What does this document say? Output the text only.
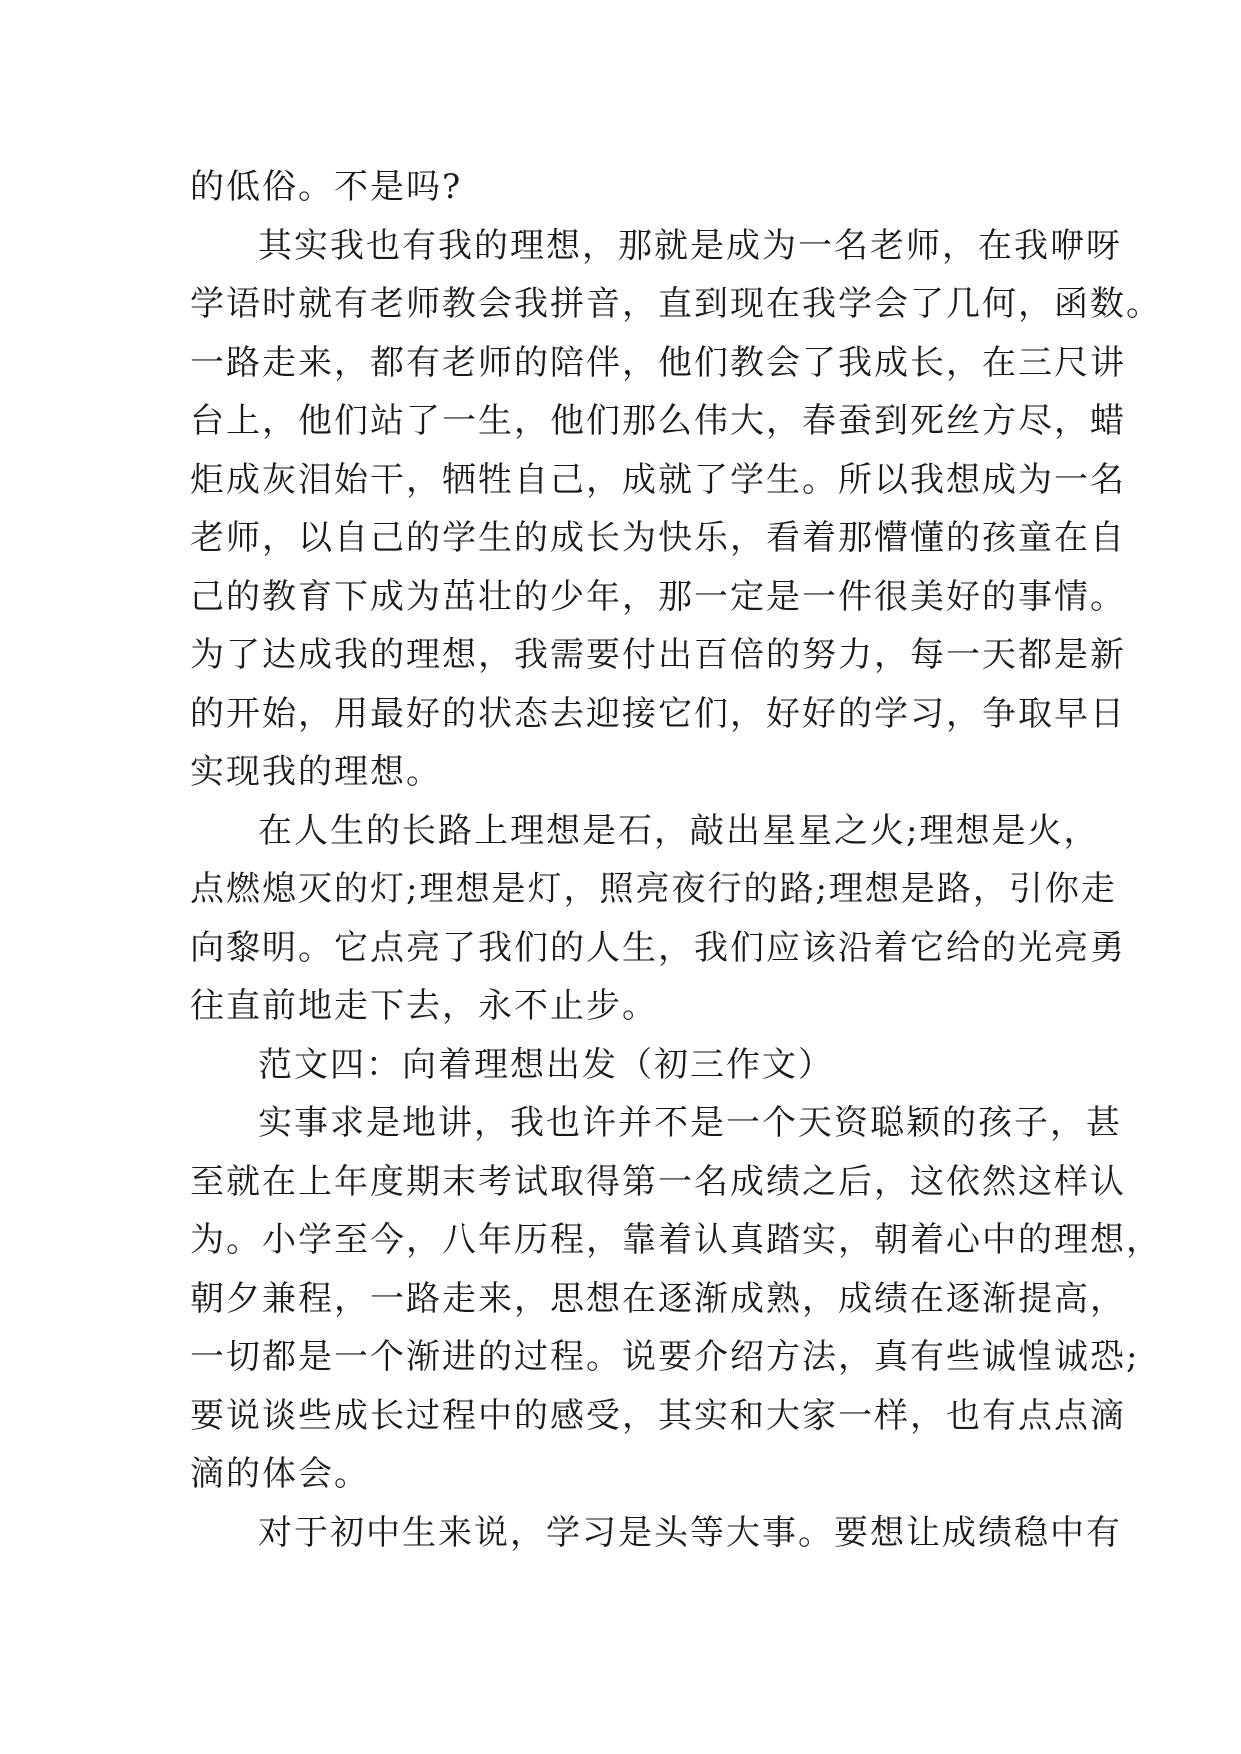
的低俗。不是吗?
其实我也有我的理想，那就是成为一名老师，在我咿呀
学语时就有老师教会我拼音，直到现在我学会了几何，函数。
一路走来，都有老师的陪伴，他们教会了我成长，在三尺讲
台上，他们站了一生，他们那么伟大，春蚕到死丝方尽，蜡
炬成灰泪始干，牺牲自己，成就了学生。所以我想成为一名
老师，以自己的学生的成长为快乐，看着那懵懂的孩童在自
己的教育下成为茁壮的少年，那一定是一件很美好的事情。
为了达成我的理想，我需要付出百倍的努力，每一天都是新
的开始，用最好的状态去迎接它们，好好的学习，争取早日
实现我的理想。
在人生的长路上理想是石，敲出星星之火;理想是火，
点燃熄灭的灯;理想是灯，照亮夜行的路;理想是路，引你走
向黎明。它点亮了我们的人生，我们应该沿着它给的光亮勇
往直前地走下去，永不止步。
范文四：向着理想出发（初三作文）
实事求是地讲，我也许并不是一个天资聪颖的孩子，甚
至就在上年度期末考试取得第一名成绩之后，这依然这样认
为。小学至今，八年历程，靠着认真踏实，朝着心中的理想，
朝夕兼程，一路走来，思想在逐渐成熟，成绩在逐渐提高，
一切都是一个渐进的过程。说要介绍方法，真有些诚惶诚恐;
要说谈些成长过程中的感受，其实和大家一样，也有点点滴
滴的体会。
对于初中生来说，学习是头等大事。要想让成绩稳中有
